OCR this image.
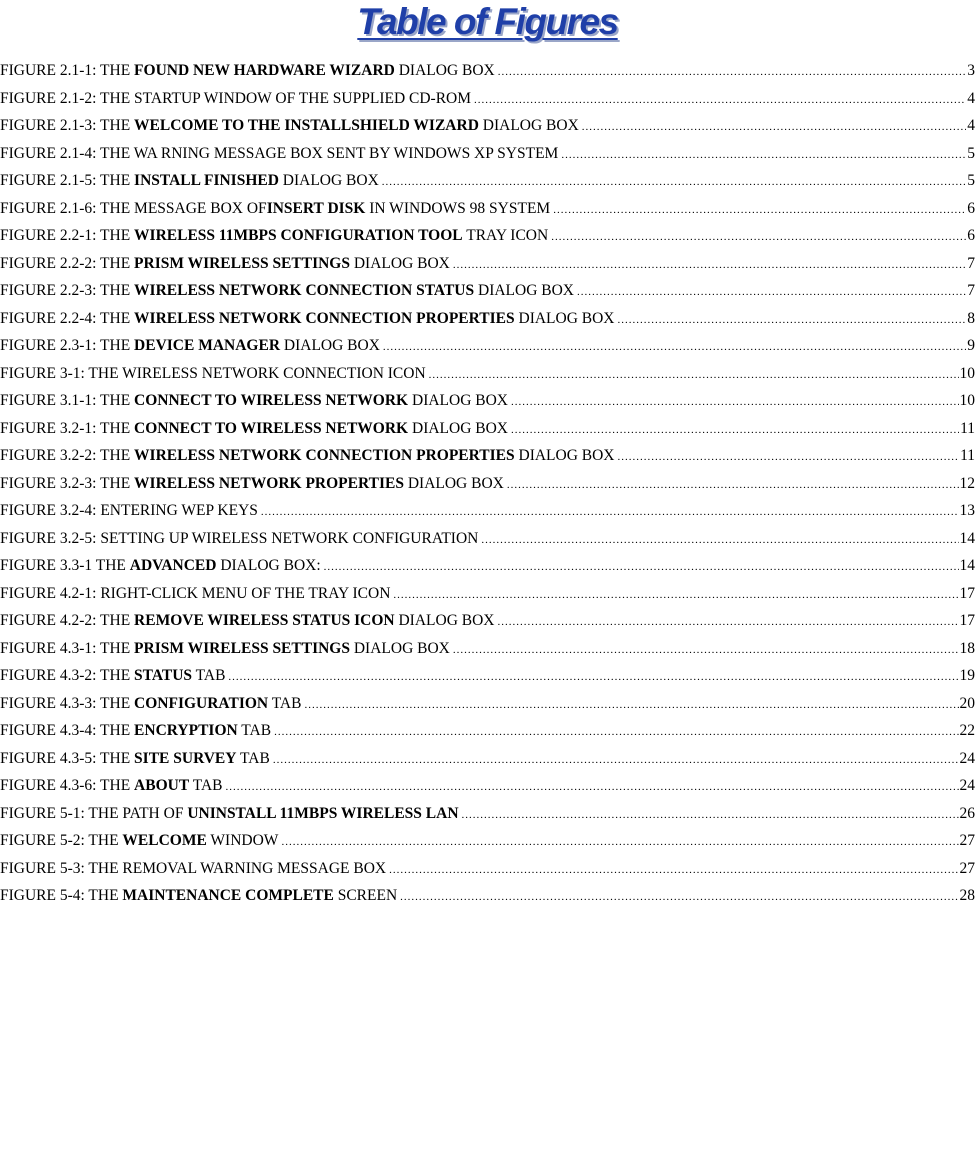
Table of Figures
FIGURE 2.1-1: THE FOUND NEW HARDWARE WIZARD DIALOG BOX .....	3
FIGURE 2.1-2: THE STARTUP WINDOW OF THE SUPPLIED CD-ROM .....	4
FIGURE 2.1-3: THE WELCOME TO THE INSTALLSHIELD WIZARD DIALOG BOX .....	4
FIGURE 2.1-4: THE WA RNING MESSAGE BOX SENT BY WINDOWS XP SYSTEM .....	5
FIGURE 2.1-5: THE INSTALL FINISHED DIALOG BOX .....	5
FIGURE 2.1-6: THE MESSAGE BOX OFINSERT DISK IN WINDOWS 98 SYSTEM .....	6
FIGURE 2.2-1: THE WIRELESS 11MBPS CONFIGURATION TOOL TRAY ICON .....	6
FIGURE 2.2-2: THE PRISM WIRELESS SETTINGS DIALOG BOX .....	7
FIGURE 2.2-3: THE WIRELESS NETWORK CONNECTION STATUS DIALOG BOX .....	7
FIGURE 2.2-4: THE WIRELESS NETWORK CONNECTION PROPERTIES DIALOG BOX .....	8
FIGURE 2.3-1: THE DEVICE MANAGER DIALOG BOX .....	9
FIGURE 3-1: THE WIRELESS NETWORK CONNECTION ICON .....	10
FIGURE 3.1-1: THE CONNECT TO WIRELESS NETWORK DIALOG BOX .....	10
FIGURE 3.2-1: THE CONNECT TO WIRELESS NETWORK DIALOG BOX .....	11
FIGURE 3.2-2: THE WIRELESS NETWORK CONNECTION PROPERTIES DIALOG BOX .....	11
FIGURE 3.2-3: THE WIRELESS NETWORK PROPERTIES DIALOG BOX .....	12
FIGURE 3.2-4: ENTERING WEP KEYS .....	13
FIGURE 3.2-5: SETTING UP WIRELESS NETWORK CONFIGURATION .....	14
FIGURE 3.3-1 THE ADVANCED DIALOG BOX: .....	14
FIGURE 4.2-1: RIGHT-CLICK MENU OF THE TRAY ICON .....	17
FIGURE 4.2-2: THE REMOVE WIRELESS STATUS ICON DIALOG BOX .....	17
FIGURE 4.3-1: THE PRISM WIRELESS SETTINGS DIALOG BOX .....	18
FIGURE 4.3-2: THE STATUS TAB .....	19
FIGURE 4.3-3: THE CONFIGURATION TAB .....	20
FIGURE 4.3-4: THE ENCRYPTION TAB .....	22
FIGURE 4.3-5: THE SITE SURVEY TAB .....	24
FIGURE 4.3-6: THE ABOUT TAB .....	24
FIGURE 5-1: THE PATH OF UNINSTALL 11MBPS WIRELESS LAN .....	26
FIGURE 5-2: THE WELCOME WINDOW .....	27
FIGURE 5-3: THE REMOVAL WARNING MESSAGE BOX .....	27
FIGURE 5-4: THE MAINTENANCE COMPLETE SCREEN .....	28
